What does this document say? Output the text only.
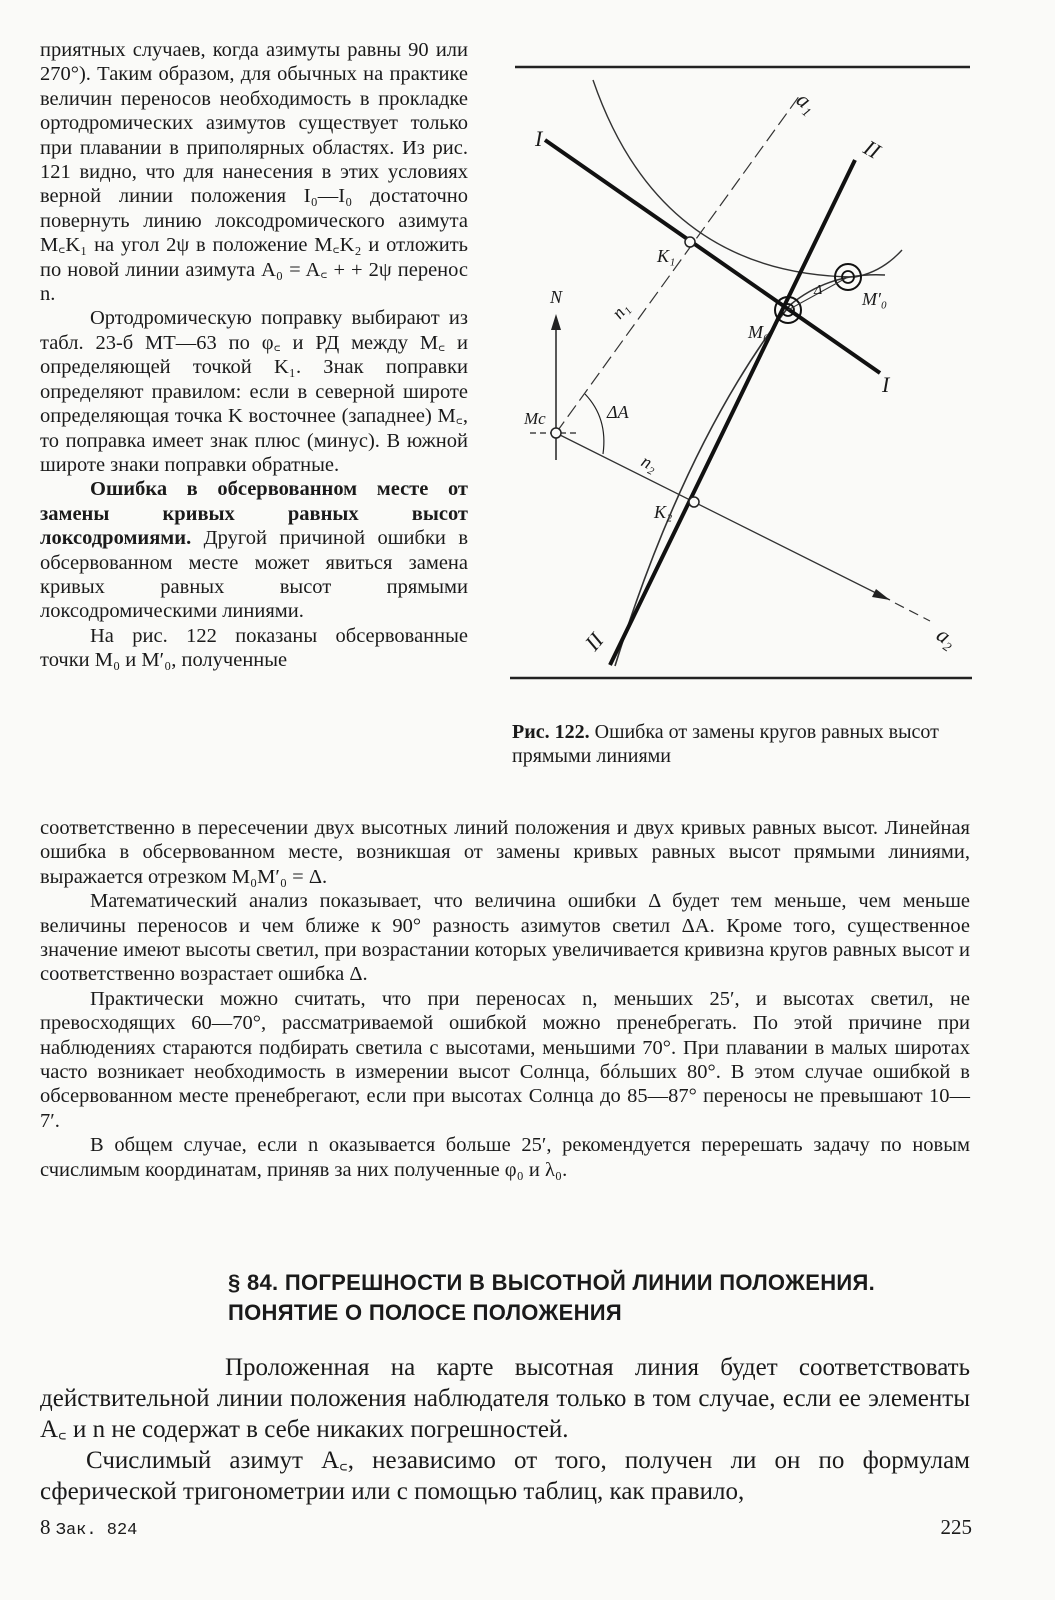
приятных случаев, когда азимуты равны 90 или 270°). Таким образом, для обычных на практике величин переносов необходимость в прокладке ортодромических азимутов существует только при плавании в приполярных областях. Из рис. 121 видно, что для нанесения в этих условиях верной линии положения I₀—I₀ достаточно повернуть линию локсодромического азимута M꜀K₁ на угол 2ψ в положение M꜀K₂ и отложить по новой линии азимута A₀ = A꜀ + + 2ψ перенос n.

Ортодромическую поправку выбирают из табл. 23-б МТ—63 по φ꜀ и РД между M꜀ и определяющей точкой K₁. Знак поправки определяют правилом: если в северной широте определяющая точка K восточнее (западнее) M꜀, то поправка имеет знак плюс (минус). В южной широте знаки поправки обратные.

Ошибка в обсервованном месте от замены кривых равных высот локсодромиями. Другой причиной ошибки в обсервованном месте может явиться замена кривых равных высот прямыми локсодромическими линиями.

На рис. 122 показаны обсервованные точки M₀ и M′₀, полученные

a₁
I
I
II
II
K₁
K₂
N
n₁
n₂
Mc
M₀
M′₀
Δ
ΔA
a₂
Рис. 122. Ошибка от замены кругов равных высот прямыми линиями

соответственно в пересечении двух высотных линий положения и двух кривых равных высот. Линейная ошибка в обсервованном месте, возникшая от замены кривых равных высот прямыми линиями, выражается отрезком M₀M′₀ = Δ.

Математический анализ показывает, что величина ошибки Δ будет тем меньше, чем меньше величины переносов и чем ближе к 90° разность азимутов светил ΔA. Кроме того, существенное значение имеют высоты светил, при возрастании которых увеличивается кривизна кругов равных высот и соответственно возрастает ошибка Δ.

Практически можно считать, что при переносах n, меньших 25′, и высотах светил, не превосходящих 60—70°, рассматриваемой ошибкой можно пренебрегать. По этой причине при наблюдениях стараются подбирать светила с высотами, меньшими 70°. При плавании в малых широтах часто возникает необходимость в измерении высот Солнца, бóльших 80°. В этом случае ошибкой в обсервованном месте пренебрегают, если при высотах Солнца до 85—87° переносы не превышают 10—7′.

В общем случае, если n оказывается больше 25′, рекомендуется перерешать задачу по новым счислимым координатам, приняв за них полученные φ₀ и λ₀.

§ 84. ПОГРЕШНОСТИ В ВЫСОТНОЙ ЛИНИИ ПОЛОЖЕНИЯ.
ПОНЯТИЕ О ПОЛОСЕ ПОЛОЖЕНИЯ

Проложенная на карте высотная линия будет соответствовать действительной линии положения наблюдателя только в том случае, если ее элементы A꜀ и n не содержат в себе никаких погрешностей.

Счислимый азимут A꜀, независимо от того, получен ли он по формулам сферической тригонометрии или с помощью таблиц, как правило,

8 Зак. 824	225
